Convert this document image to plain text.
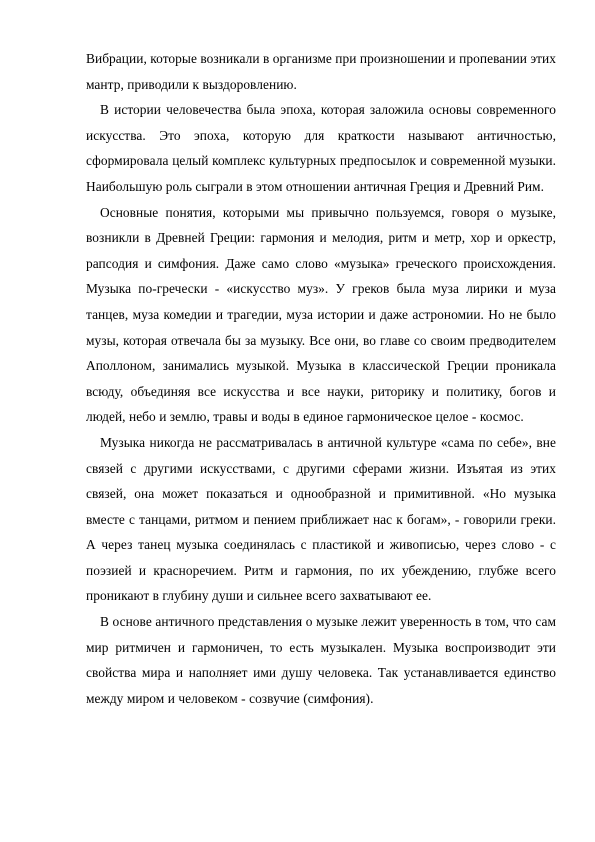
Вибрации, которые возникали в организме при произношении и пропевании этих мантр, приводили к выздоровлению.

В истории человечества была эпоха, которая заложила основы современного искусства. Это эпоха, которую для краткости называют античностью, сформировала целый комплекс культурных предпосылок и современной музыки. Наибольшую роль сыграли в этом отношении античная Греция и Древний Рим.

Основные понятия, которыми мы привычно пользуемся, говоря о музыке, возникли в Древней Греции: гармония и мелодия, ритм и метр, хор и оркестр, рапсодия и симфония. Даже само слово «музыка» греческого происхождения. Музыка по-гречески - «искусство муз». У греков была муза лирики и муза танцев, муза комедии и трагедии, муза истории и даже астрономии. Но не было музы, которая отвечала бы за музыку. Все они, во главе со своим предводителем Аполлоном, занимались музыкой. Музыка в классической Греции проникала всюду, объединяя все искусства и все науки, риторику и политику, богов и людей, небо и землю, травы и воды в единое гармоническое целое - космос.

Музыка никогда не рассматривалась в античной культуре «сама по себе», вне связей с другими искусствами, с другими сферами жизни. Изъятая из этих связей, она может показаться и однообразной и примитивной. «Но музыка вместе с танцами, ритмом и пением приближает нас к богам», - говорили греки. А через танец музыка соединялась с пластикой и живописью, через слово - с поэзией и красноречием. Ритм и гармония, по их убеждению, глубже всего проникают в глубину души и сильнее всего захватывают ее.

В основе античного представления о музыке лежит уверенность в том, что сам мир ритмичен и гармоничен, то есть музыкален. Музыка воспроизводит эти свойства мира и наполняет ими душу человека. Так устанавливается единство между миром и человеком - созвучие (симфония).
